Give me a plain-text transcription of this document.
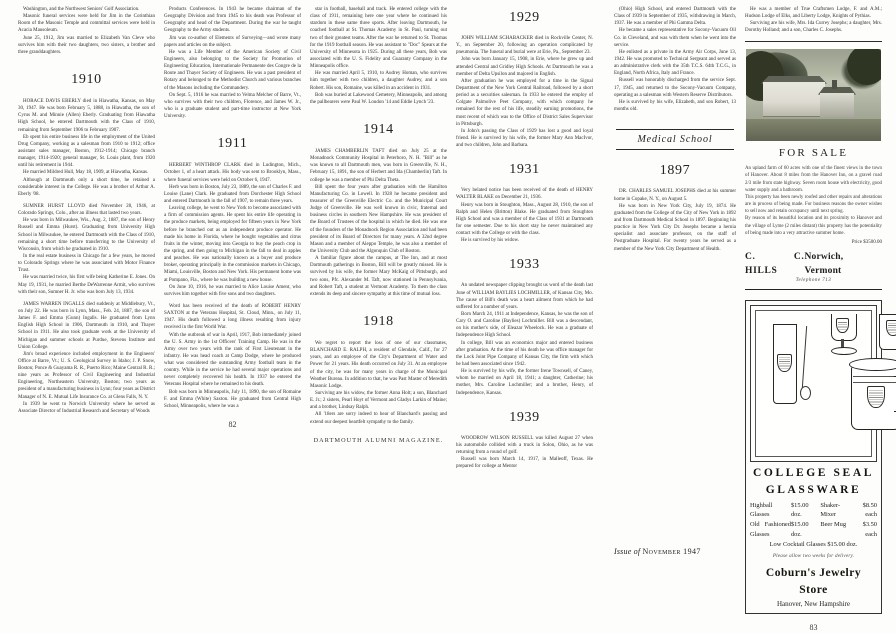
Washington, and the Northwest Seniors' Golf Association.

Masonic funeral services were held for Jim in the Corinthian Room of the Masonic Temple and committal services were held in Acacia Mausoleum.

June 25, 1912, Jim was married to Elizabeth Van Cleve who survives him with their two daughters, two sisters, a brother and three granddaughters.

1910

HORACE DAVIS EBERLY died in Hiawatha, Kansas, on May 30, 1947. He was born February 5, 1888, in Hiawatha, the son of Cyrus M. and Minnie (Allen) Eberly. Graduating from Hiawatha High School, he entered Dartmouth with the Class of 1910, remaining from September 1906 to February 1907.

Eb spent his entire business life in the employment of the United Drug Company, working as a salesman from 1910 to 1912; office assistant sales manager, Boston, 1912-1914; Chicago branch manager, 1914-1920; general manager, St. Louis plant, from 1920 until his retirement in 1944.

He married Mildred Hull, May 18, 1909, at Hiawatha, Kansas.

Although at Dartmouth only a short time, he retained a considerable interest in the College. He was a brother of Arthur A. Eberly '08.

SUMNER HURST LLOYD died November 28, 1946, at Colorado Springs, Colo., after an illness that lasted two years.

He was born in Milwaukee, Wis., Aug. 2, 1887, the son of Henry Russell and Emma (Hurst). Graduating from University High School in Milwaukee, he entered Dartmouth with the Class of 1910, remaining a short time before transferring to the University of Wisconsin, from which he graduated in 1910.

In the real estate business in Chicago for a few years, he moved to Colorado Springs where he was associated with Motor Finance Trust.

He was married twice, his first wife being Katherine E. Jones. On May 19, 1931, he married Berthe DeWarrenne Armit, who survives with their son, Sumner H. Jr. who was born July 13, 1934.

JAMES WARREN INGALLS died suddenly at Middlebury, Vt., on July 22. He was born in Lynn, Mass., Feb. 24, 1887, the son of James F. and Emma (Gunn) Ingalls. He graduated from Lynn English High School in 1906, Dartmouth in 1910, and Thayer School in 1911. He also took graduate work at the University of Michigan and summer schools at Purdue, Stevens Institute and Union College.

Jim's broad experience included employment in the Engineers' Office at Barre, Vt.; U. S. Geological Survey in Idaho; J. P. Snow, Boston; Ponce & Guayama R. R., Puerto Rico; Maine Central R. R.; nine years as Professor of Civil Engineering and Industrial Engineering, Northeastern University, Boston; two years as president of a manufacturing business in Lynn; four years as District Manager of N. E. Mutual Life Insurance Co. at Glens Falls, N. Y.

In 1939 he went to Norwich University where he served as Associate Director of Industrial Research and Secretary of Woods

Products Conferences. In 1943 he became chairman of the Geography Division and from 1945 to his death was Professor of Geography and head of the Department. During the war he taught Geography to the Army students.

Jim was co-author of Elements of Surveying—and wrote many papers and articles on the subject.

He was a Life Member of the American Society of Civil Engineers, also belonging to the Society for Promotion of Engineering Education, Internationale Permanente des Congre de la Route and Thayer Society of Engineers. He was a past president of Rotary and belonged to the Methodist Church and various branches of the Masons including the Commandery.

On Sept. 5, 1916 he was married to Velma Melcher of Barre, Vt., who survives with their two children, Florence, and James W. Jr., who is a graduate student and part-time instructor at New York University.

1911

HERBERT WINTHROP CLARK died in Ludington, Mich., October 1, of a heart attack. His body was sent to Brooklyn, Mass., where funeral services were held on October 6, 1947.

Herb was born in Boston, July 23, 1889, the son of Charles F. and Louise (Lane) Clark. He graduated from Dorchester High School and entered Dartmouth in the fall of 1907, to remain three years.

Leaving college, he went to New York to become associated with a firm of commission agents. He spent his entire life operating in the produce markets, being employed for fifteen years in New York before he branched out as an independent produce operator. He made his home in Florida, where he bought vegetables and citrus fruits in the winter, moving into Georgia to buy the peach crop in the spring, and then going to Michigan in the fall to deal in apples and peaches. He was nationally known as a buyer and produce broker, operating principally in the commission markets in Chicago, Miami, Louisville, Boston and New York. His permanent home was at Pompano, Fla., where he was building a new house.

On June 10, 1916, he was married to Alice Louise Ament, who survives him together with five sons and two daughters.

Word has been received of the death of ROBERT HENRY SAXTON at the Veterans Hospital, St. Cloud, Minn., on July 11, 1947. His death followed a long illness resulting from injury received in the first World War.

With the outbreak of war in April, 1917, Bob immediately joined the U. S. Army in the 1st Officers' Training Camp. He was in the Army over two years with the rank of First Lieutenant in the infantry. He was head coach at Camp Dodge, where he produced what was considered the outstanding Army football team in the country. While in the service he had several major operations and never completely recovered his health. In 1937 he entered the Veterans Hospital where he remained to his death.

Bob was born in Minneapolis, July 11, 1890, the son of Romaine F. and Emma (White) Saxton. He graduated from Central High School, Minneapolis, where he was a

82

star in football, baseball and track. He entered college with the class of 1911, remaining here one year where he continued his stardom in these same three sports. After leaving Dartmouth, he coached football at St. Thomas Academy in St. Paul, turning out two of their greatest teams. After the war he returned to St. Thomas for the 1919 football season. He was assistant to "Doc" Spears at the University of Minnesota in 1925. During all these years, Bob was associated with the U. S. Fidelity and Guaranty Company in the Minneapolis office.

He was married April 5, 1910, to Audrey Homan, who survives him together with two children, a daughter Audrey, and a son Robert. His son, Romaine, was killed in an accident in 1931.

Bob was buried at Lakewood Cemetery, Minneapolis, and among the pallbearers were Paul W. Loudon '14 and Eddie Lynch '23.

1914

JAMES CHAMBERLIN TAFT died on July 25 at the Monadnock Community Hospital in Peterboro, N. H. "Bill" as he was known to all Dartmouth men, was born in Greenville, N. H., February 15, 1891, the son of Herbert and Ida (Chamberlin) Taft. In college he was a member of Phi Delta Theta.

Bill spent the four years after graduation with the Hamilton Manufacturing Co. in Lowell. In 1928 he became president and treasurer of the Greenville Electric Co. and the Municipal Court Judge of Greenville. He was well known in civic, fraternal and business circles in southern New Hampshire. He was president of the Board of Trustees of the hospital in which he died. He was one of the founders of the Monadnock Region Association and had been president of its Board of Directors for many years. A 32nd degree Mason and a member of Aleppo Temple, he was also a member of the University Club and the Algonquin Club of Boston.

A familiar figure about the campus, at The Inn, and at most Dartmouth gatherings in Boston, Bill will be greatly missed. He is survived by his wife, the former Mary McKaig of Pittsburgh, and two sons, Pfc. Alexander M. Taft, now stationed in Pennsylvania, and Robert Taft, a student at Vermont Academy. To them the class extends its deep and sincere sympathy at this time of mutual loss.

1918

We regret to report the loss of one of our classmates, BLANCHARD E. RALPH, a resident of Glendale, Calif., for 27 years, and an employee of the City's Department of Water and Power for 21 years. His death occurred on July 31. At an employee of the city, he was for many years in charge of the Municipal Weather Bureau. In addition to that, he was Past Master of Meredith Masonic Lodge.

Surviving are his widow, the former Anna Holt; a son, Blanchard E. Jr.; 2 sisters, Pearl Hoyt of Vermont and Gladys Larkin of Maine; and a brother, Lindsay Ralph.

All '18ers are sorry indeed to hear of Blanchard's passing and extend our deepest heartfelt sympathy to the family.

DARTMOUTH ALUMNI MAGAZINE.
1929

JOHN WILLIAM SCHABACKER died in Rockville Center, N. Y., on September 20, following an operation complicated by pneumonia. The funeral and burial were at Erie, Pa., September 23.

John was born January 15, 1908, in Erie, where he grew up and attended Central and Gridley High Schools. At Dartmouth he was a member of Delta Upsilon and majored in English.

After graduation he was employed for a time in the Signal Department of the New York Central Railroad, followed by a short period as a securities salesman. In 1933 he entered the employ of Colgate Palmolive Peet Company, with which company he remained for the rest of his life, steadily earning promotions, the most recent of which was to the Office of District Sales Supervisor in Pittsburgh.

In John's passing the Class of 1929 has lost a good and loyal friend. He is survived by his wife, the former Mary Ann MacIvor, and two children, John and Barbara.

1931

Very belated notice has been received of the death of HENRY WALTER BLAKE on December 21, 1936.

Henry was born in Stoughton, Mass., August 28, 1910, the son of Ralph and Helen (Britton) Blake. He graduated from Stoughton High School and was a member of the Class of 1931 at Dartmouth for one semester. Due to his short stay he never maintained any contact with the College or with the class.

He is survived by his widow.

1933

An undated newspaper clipping brought us word of the death last June of WILLIAM BAYLIES LOCHMILLER, of Kansas City, Mo. The cause of Bill's death was a heart ailment from which he had suffered for a number of years.

Born March 24, 1911 at Independence, Kansas, he was the son of Cary O. and Caroline (Baylies) Lochmiller. Bill was a descendant, on his mother's side, of Eleazar Wheelock. He was a graduate of Independence High School.

In college, Bill was an economics major and entered business after graduation. At the time of his death he was office manager for the Lock Joint Pipe Company of Kansas City, the firm with which he had been associated since 1942.

He is survived by his wife, the former Irene Townsell, of Caney, whom he married on April 18, 1941; a daughter, Catherine; his mother, Mrs. Caroline Lochmiller; and a brother, Henry, of Independence, Kansas.

1939

WOODROW WILSON RUSSELL was killed August 27 when his automobile collided with a truck in Solon, Ohio, as he was returning from a round of golf.

Russell was born March 14, 1917, in Malleoff, Texas. He prepared for college at Mentor

(Ohio) High School, and entered Dartmouth with the Class of 1939 in September of 1935, withdrawing in March, 1937. He was a member of Phi Gamma Delta.

He became a sales representative for Socony-Vacuum Oil Co. in Cleveland, and was with them when he went into the service.

He enlisted as a private in the Army Air Corps, June 13, 1942. He was promoted to Technical Sergeant and served as an administrative clerk with the 35th T.C.S. 64th T.C.G., in England, North Africa, Italy and France.

Russell was honorably discharged from the service Sept. 17, 1945, and returned to the Socony-Vacuum Company, operating as a salesman with Western Reserve Distributors.

He is survived by his wife, Elizabeth, and son Robert, 13 months old.

Medical School
1897

DR. CHARLES SAMUEL JOSEPHS died at his summer home in Copake, N. Y., on August 5.

He was born in New York City, July 19, 1874. He graduated from the College of the City of New York in 1892 and from Dartmouth Medical School in 1897. Beginning his practice in New York City Dr. Josephs became a hernia specialist and associate professor, on the staff of Postgraduate Hospital. For twenty years he served as a member of the New York City Department of Health.

He was a member of True Craftsmen Lodge, F. and A.M.; Hudson Lodge of Elks, and Liberty Lodge, Knights of Pythias.

Surviving are his wife, Mrs. Ida Currey Josephs; a daughter, Mrs. Dorothy Holland; and a son, Charles C. Josephs.

FOR SALE

An upland farm of 60 acres with one of the finest views in the town of Hanover. About 8 miles from the Hanover Inn, on a gravel road 2/3 mile from state highway. Seven room house with electricity, good water supply and a bathroom.

This property has been newly roofed and other repairs and alterations are in process of being made. For business reasons the owner wishes to sell now and retain occupancy until next spring.

By reason of its beautiful location and its proximity to Hanover and the village of Lyme (2 miles distant) this property has the potentiality of being made into a very attractive summer home.

Price $3500.00
C. C. HILLS
Norwich, Vermont
Telephone 713
COLLEGE SEAL GLASSWARE
Highball Glasses
$15.00 doz.
Shaker-Mixer
$8.50 each
Old Fashioned Glasses
$15.00 doz.
Beer Mug	$3.50 each
Low Cocktail Glasses $15.00 doz.
Please allow two weeks for delivery.
Coburn's Jewelry Store
Hanover, New Hampshire
83
Issue of November 1947
